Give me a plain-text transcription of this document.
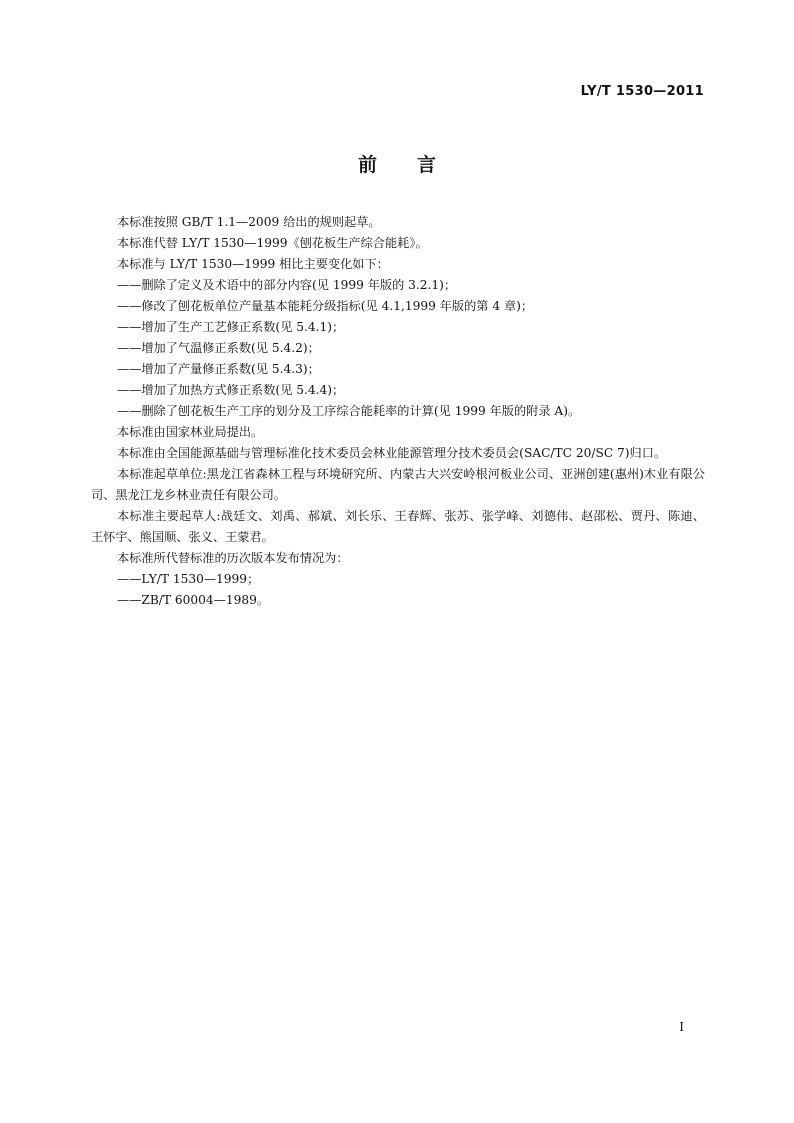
LY/T 1530—2011
前言

本标准按照 GB/T 1.1—2009 给出的规则起草。

本标准代替 LY/T 1530—1999《刨花板生产综合能耗》。

本标准与 LY/T 1530—1999 相比主要变化如下：

——删除了定义及术语中的部分内容(见 1999 年版的 3.2.1)；

——修改了刨花板单位产量基本能耗分级指标(见 4.1,1999 年版的第 4 章)；

——增加了生产工艺修正系数(见 5.4.1)；

——增加了气温修正系数(见 5.4.2)；

——增加了产量修正系数(见 5.4.3)；

——增加了加热方式修正系数(见 5.4.4)；

——删除了刨花板生产工序的划分及工序综合能耗率的计算(见 1999 年版的附录 A)。

本标准由国家林业局提出。

本标准由全国能源基础与管理标准化技术委员会林业能源管理分技术委员会(SAC/TC 20/SC 7)归口。

本标准起草单位:黑龙江省森林工程与环境研究所、内蒙古大兴安岭根河板业公司、亚洲创建(惠州)木业有限公司、黑龙江龙乡林业责任有限公司。

本标准主要起草人:战廷文、刘禹、郝斌、刘长乐、王春辉、张苏、张学峰、刘德伟、赵邵松、贾丹、陈迪、王怀宇、熊国顺、张义、王蒙君。

本标准所代替标准的历次版本发布情况为：

——LY/T 1530—1999；

——ZB/T 60004—1989。

I
